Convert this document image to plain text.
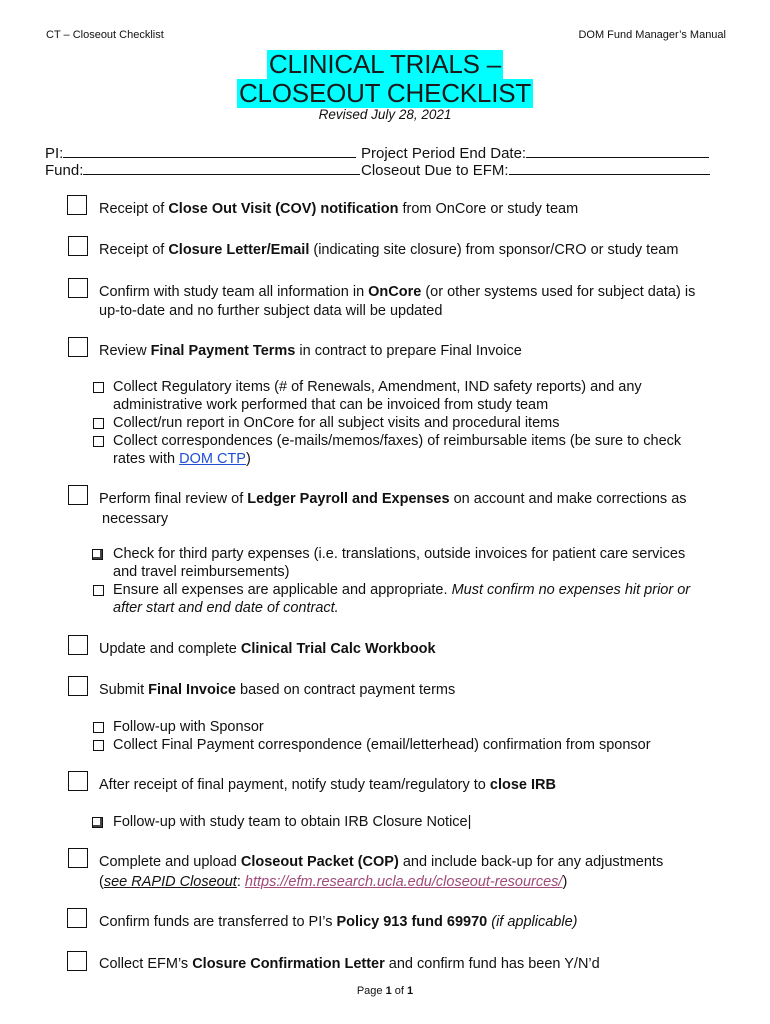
CT – Closeout Checklist	DOM Fund Manager’s Manual
CLINICAL TRIALS –
CLOSEOUT CHECKLIST
Revised July 28, 2021
PI:
Fund:
Project Period End Date:
Closeout Due to EFM:
Receipt of Close Out Visit (COV) notification from OnCore or study team
Receipt of Closure Letter/Email (indicating site closure) from sponsor/CRO or study team
Confirm with study team all information in OnCore (or other systems used for subject data) is
up-to-date and no further subject data will be updated
Review Final Payment Terms in contract to prepare Final Invoice
Collect Regulatory items (# of Renewals, Amendment, IND safety reports) and any
administrative work performed that can be invoiced from study team
Collect/run report in OnCore for all subject visits and procedural items
Collect correspondences (e-mails/memos/faxes) of reimbursable items (be sure to check
rates with DOM CTP)
Perform final review of Ledger Payroll and Expenses on account and make corrections as
necessary
Check for third party expenses (i.e. translations, outside invoices for patient care services
and travel reimbursements)
Ensure all expenses are applicable and appropriate. Must confirm no expenses hit prior or
after start and end date of contract.
Update and complete Clinical Trial Calc Workbook
Submit Final Invoice based on contract payment terms
Follow-up with Sponsor
Collect Final Payment correspondence (email/letterhead) confirmation from sponsor
After receipt of final payment, notify study team/regulatory to close IRB
Follow-up with study team to obtain IRB Closure Notice|
Complete and upload Closeout Packet (COP) and include back-up for any adjustments
(see RAPID Closeout: https://efm.research.ucla.edu/closeout-resources/)
Confirm funds are transferred to PI’s Policy 913 fund 69970 (if applicable)
Collect EFM’s Closure Confirmation Letter and confirm fund has been Y/N’d
Page 1 of 1
